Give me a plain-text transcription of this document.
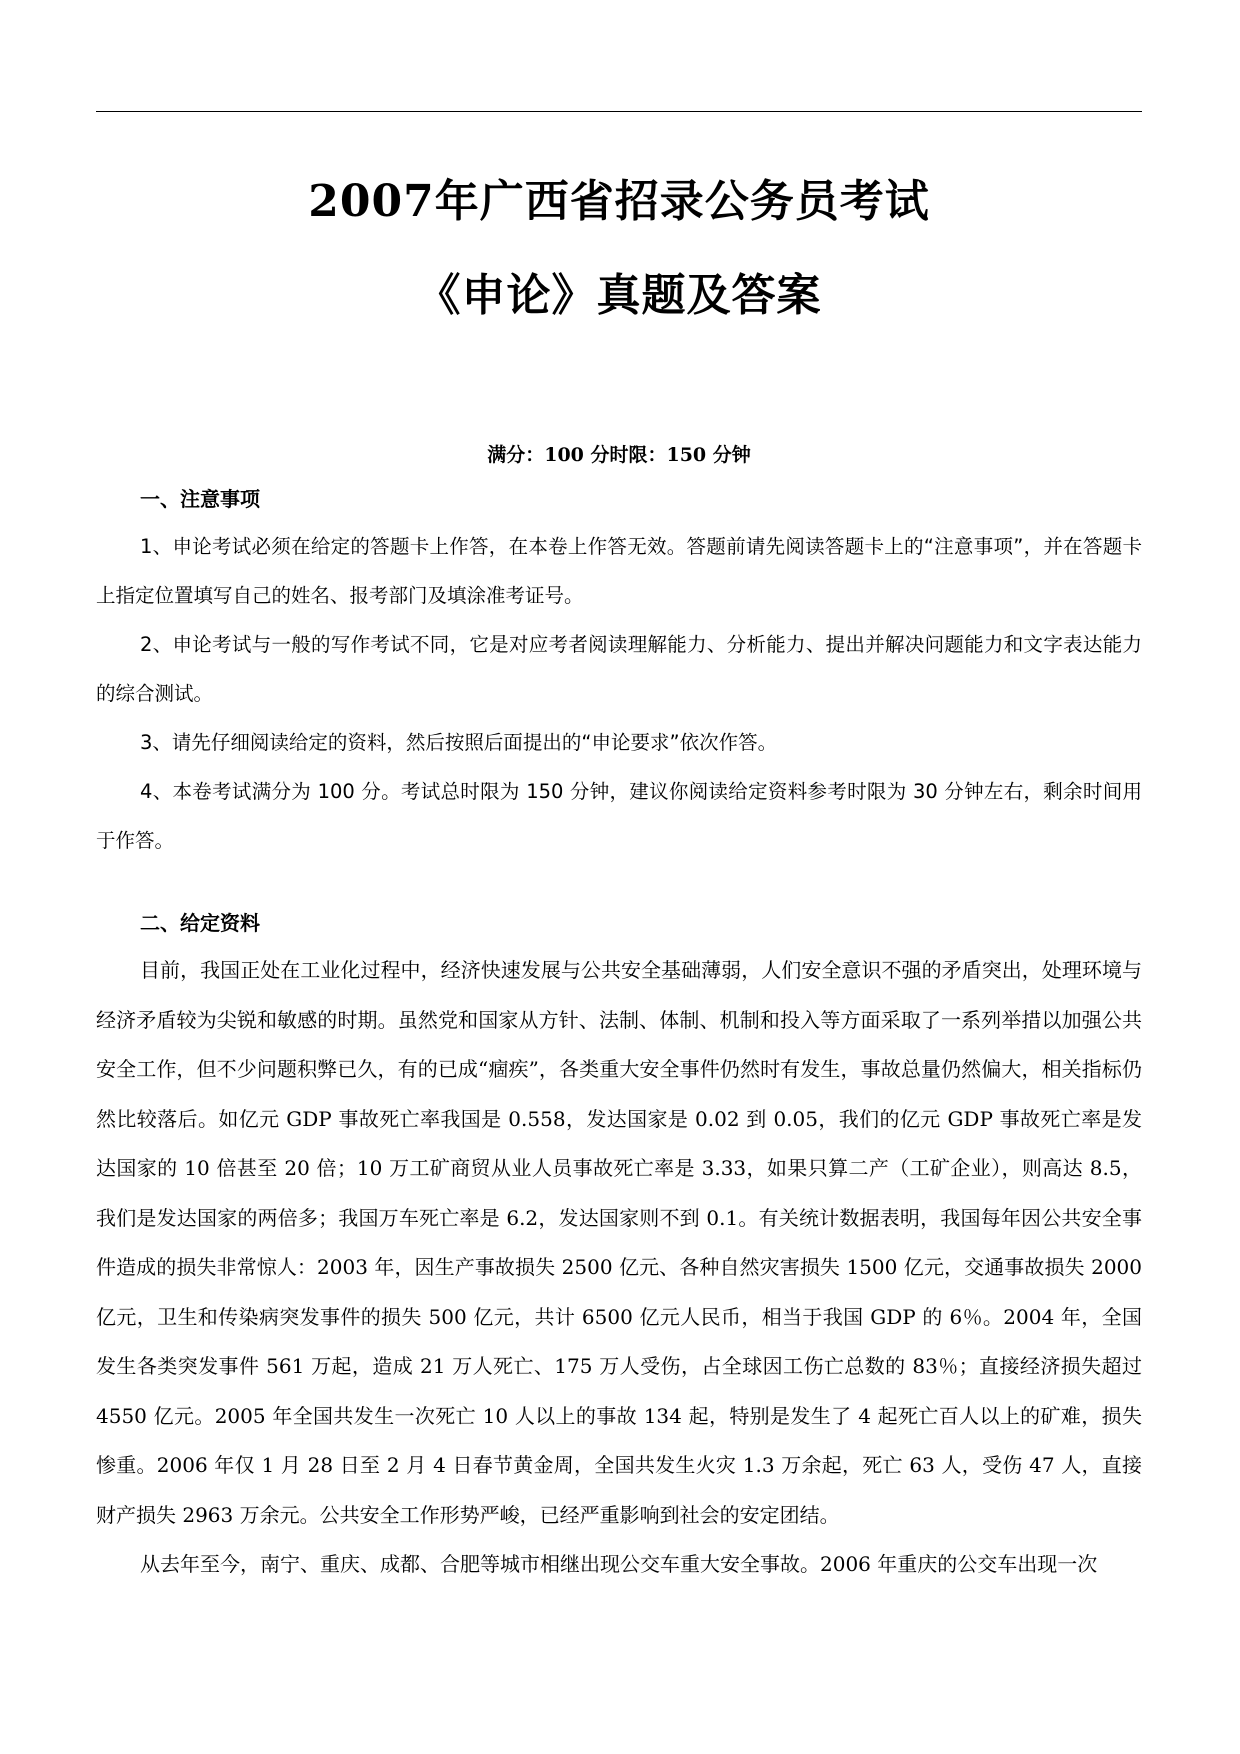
2007年广西省招录公务员考试
《申论》真题及答案
满分：100 分时限：150 分钟
一、注意事项

1、申论考试必须在给定的答题卡上作答，在本卷上作答无效。答题前请先阅读答题卡上的“注意事项”，并在答题卡上指定位置填写自己的姓名、报考部门及填涂准考证号。

2、申论考试与一般的写作考试不同，它是对应考者阅读理解能力、分析能力、提出并解决问题能力和文字表达能力的综合测试。

3、请先仔细阅读给定的资料，然后按照后面提出的“申论要求”依次作答。

4、本卷考试满分为 100 分。考试总时限为 150 分钟，建议你阅读给定资料参考时限为 30 分钟左右，剩余时间用于作答。

二、给定资料

目前，我国正处在工业化过程中，经济快速发展与公共安全基础薄弱，人们安全意识不强的矛盾突出，处理环境与经济矛盾较为尖锐和敏感的时期。虽然党和国家从方针、法制、体制、机制和投入等方面采取了一系列举措以加强公共安全工作，但不少问题积弊已久，有的已成“痼疾”，各类重大安全事件仍然时有发生，事故总量仍然偏大，相关指标仍然比较落后。如亿元 GDP 事故死亡率我国是 0.558，发达国家是 0.02 到 0.05，我们的亿元 GDP 事故死亡率是发达国家的 10 倍甚至 20 倍；10 万工矿商贸从业人员事故死亡率是 3.33，如果只算二产（工矿企业），则高达 8.5，我们是发达国家的两倍多；我国万车死亡率是 6.2，发达国家则不到 0.1。有关统计数据表明，我国每年因公共安全事件造成的损失非常惊人：2003 年，因生产事故损失 2500 亿元、各种自然灾害损失 1500 亿元，交通事故损失 2000 亿元，卫生和传染病突发事件的损失 500 亿元，共计 6500 亿元人民币，相当于我国 GDP 的 6％。2004 年，全国发生各类突发事件 561 万起，造成 21 万人死亡、175 万人受伤，占全球因工伤亡总数的 83％；直接经济损失超过 4550 亿元。2005 年全国共发生一次死亡 10 人以上的事故 134 起，特别是发生了 4 起死亡百人以上的矿难，损失惨重。2006 年仅 1 月 28 日至 2 月 4 日春节黄金周，全国共发生火灾 1.3 万余起，死亡 63 人，受伤 47 人，直接财产损失 2963 万余元。公共安全工作形势严峻，已经严重影响到社会的安定团结。

从去年至今，南宁、重庆、成都、合肥等城市相继出现公交车重大安全事故。2006 年重庆的公交车出现一次
